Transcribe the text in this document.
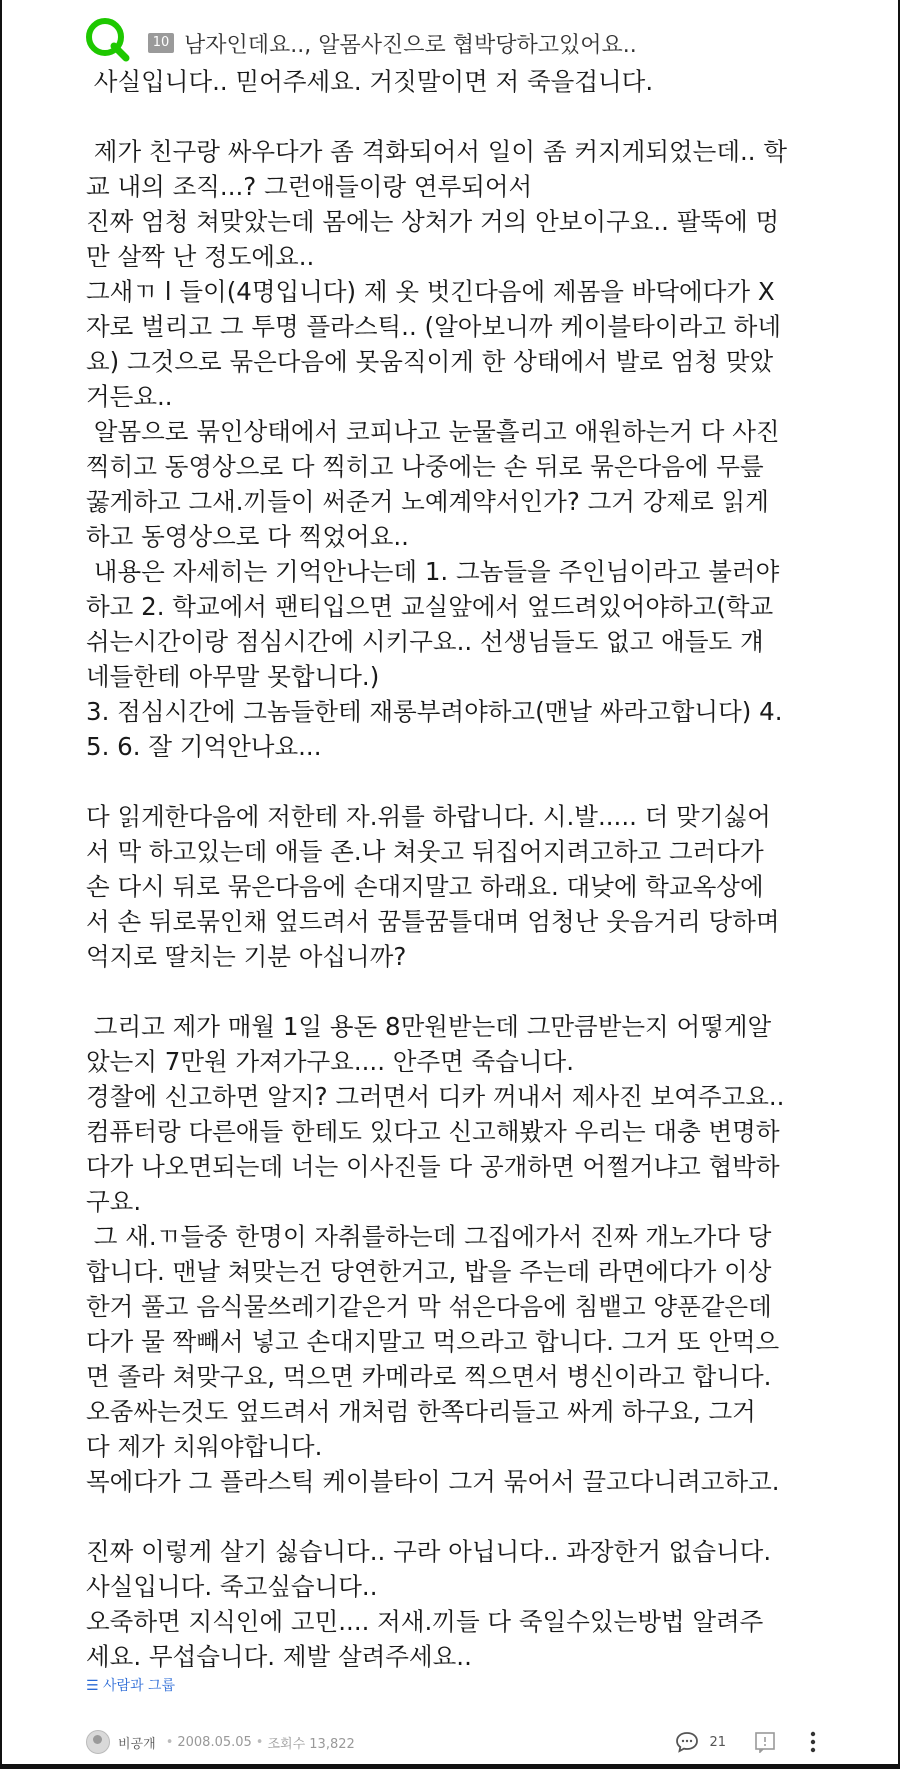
10 남자인데요.., 알몸사진으로 협박당하고있어요..

사실입니다.. 믿어주세요. 거짓말이면 저 죽을겁니다.

제가 친구랑 싸우다가 좀 격화되어서 일이 좀 커지게되었는데.. 학

교 내의 조직...? 그런애들이랑 연루되어서

진짜 엄청 쳐맞았는데 몸에는 상처가 거의 안보이구요.. 팔뚝에 멍

만 살짝 난 정도에요..

그새ㄲ l 들이(4명입니다) 제 옷 벗긴다음에 제몸을 바닥에다가 X

자로 벌리고 그 투명 플라스틱.. (알아보니까 케이블타이라고 하네

요) 그것으로 묶은다음에 못움직이게 한 상태에서 발로 엄청 맞았

거든요..

알몸으로 묶인상태에서 코피나고 눈물흘리고 애원하는거 다 사진

찍히고 동영상으로 다 찍히고 나중에는 손 뒤로 묶은다음에 무릎

꿇게하고 그새.끼들이 써준거 노예계약서인가? 그거 강제로 읽게

하고 동영상으로 다 찍었어요..

내용은 자세히는 기억안나는데 1. 그놈들을 주인님이라고 불러야

하고 2. 학교에서 팬티입으면 교실앞에서 엎드려있어야하고(학교

쉬는시간이랑 점심시간에 시키구요.. 선생님들도 없고 애들도 걔

네들한테 아무말 못합니다.)

3. 점심시간에 그놈들한테 재롱부려야하고(맨날 싸라고합니다) 4.

5. 6. 잘 기억안나요...

다 읽게한다음에 저한테 자.위를 하랍니다. 시.발..... 더 맞기싫어

서 막 하고있는데 애들 존.나 쳐웃고 뒤집어지려고하고 그러다가

손 다시 뒤로 묶은다음에 손대지말고 하래요. 대낮에 학교옥상에

서 손 뒤로묶인채 엎드려서 꿈틀꿈틀대며 엄청난 웃음거리 당하며

억지로 딸치는 기분 아십니까?

그리고 제가 매월 1일 용돈 8만원받는데 그만큼받는지 어떻게알

았는지 7만원 가져가구요.... 안주면 죽습니다.

경찰에 신고하면 알지? 그러면서 디카 꺼내서 제사진 보여주고요..

컴퓨터랑 다른애들 한테도 있다고 신고해봤자 우리는 대충 변명하

다가 나오면되는데 너는 이사진들 다 공개하면 어쩔거냐고 협박하

구요.

그 새.ㄲ들중 한명이 자취를하는데 그집에가서 진짜 개노가다 당

합니다. 맨날 쳐맞는건 당연한거고, 밥을 주는데 라면에다가 이상

한거 풀고 음식물쓰레기같은거 막 섞은다음에 침뱉고 양푼같은데

다가 물 짝빼서 넣고 손대지말고 먹으라고 합니다. 그거 또 안먹으

면 졸라 쳐맞구요, 먹으면 카메라로 찍으면서 병신이라고 합니다.

오줌싸는것도 엎드려서 개처럼 한쪽다리들고 싸게 하구요, 그거

다 제가 치워야합니다.

목에다가 그 플라스틱 케이블타이 그거 묶어서 끌고다니려고하고.

진짜 이렇게 살기 싫습니다.. 구라 아닙니다.. 과장한거 없습니다.

사실입니다. 죽고싶습니다..

오죽하면 지식인에 고민.... 저새.끼들 다 죽일수있는방법 알려주

세요. 무섭습니다. 제발 살려주세요..

☰ 사람과 그룹
비공개 • 2008.05.05 • 조회수 13,822	21
